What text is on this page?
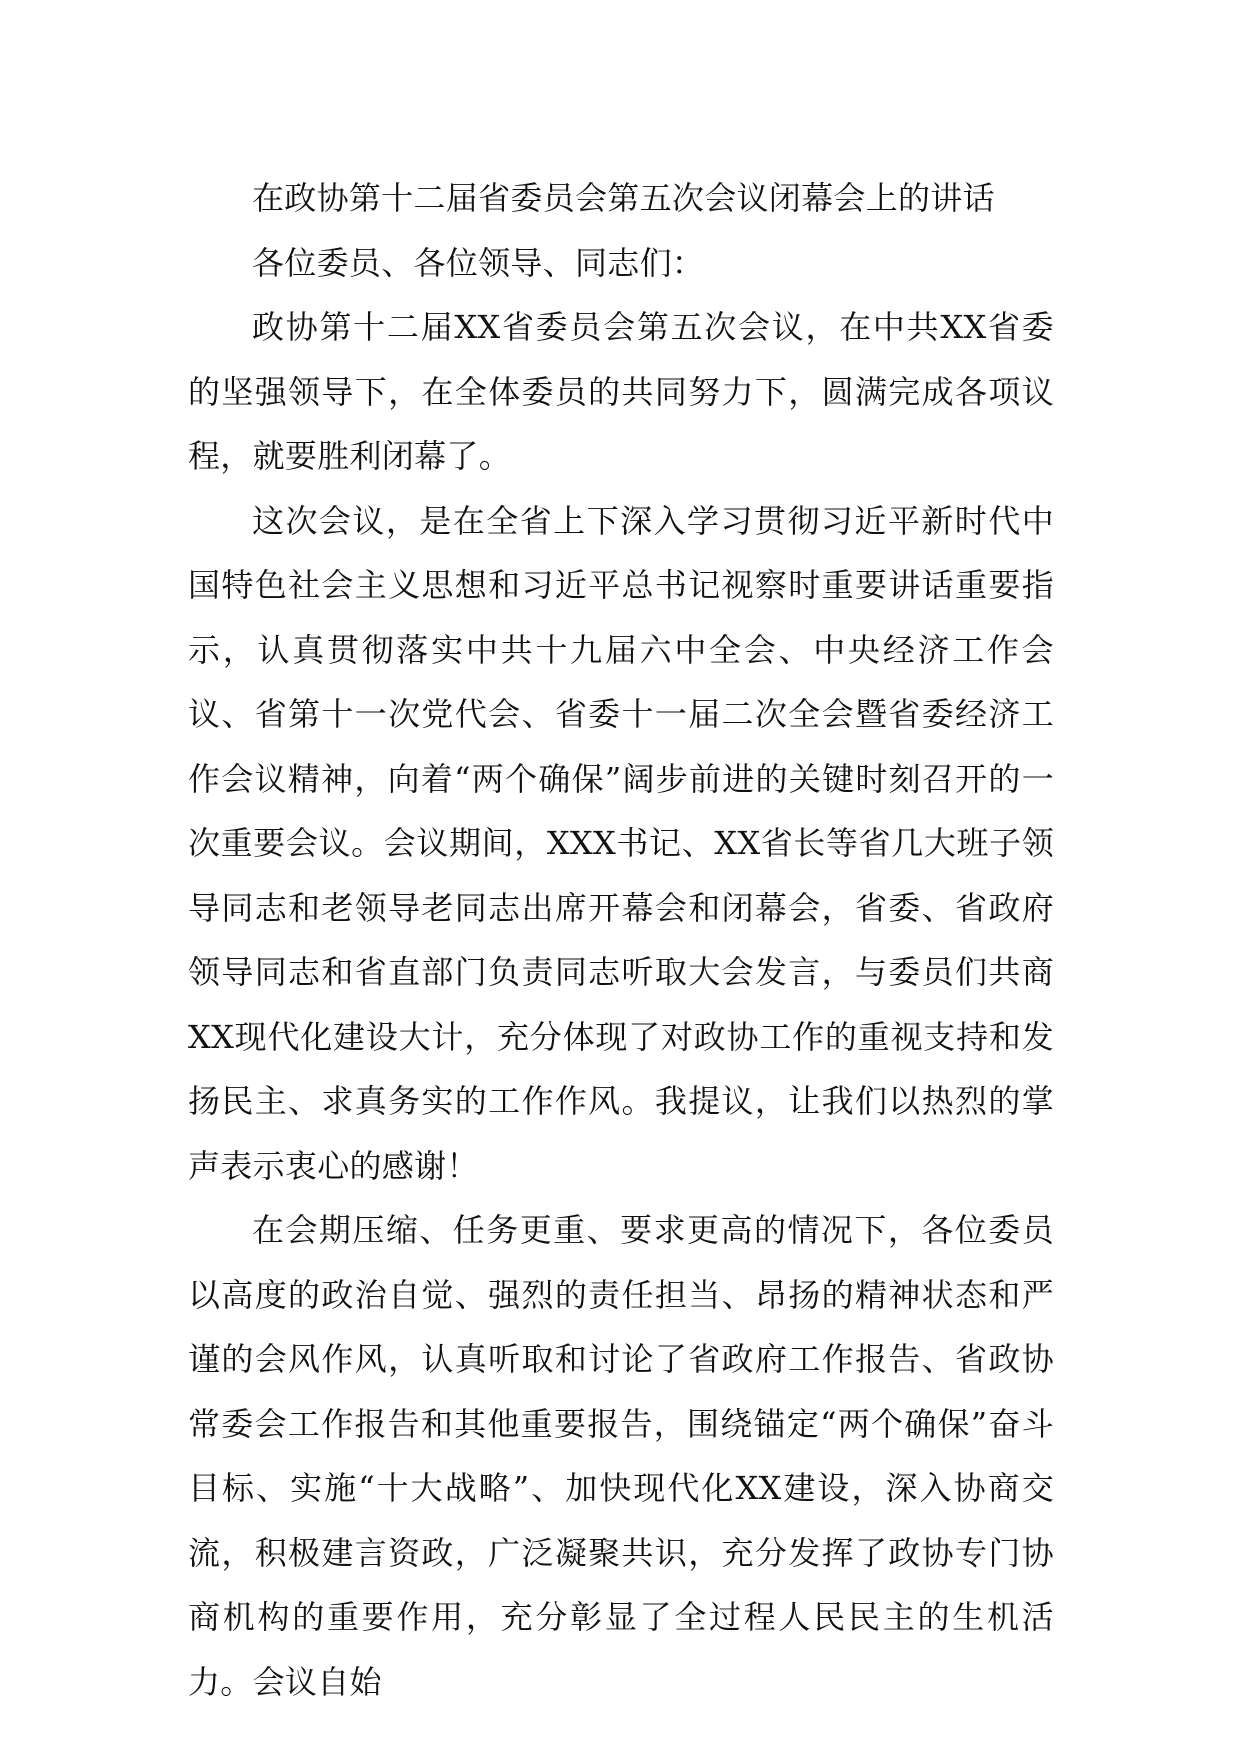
在政协第十二届省委员会第五次会议闭幕会上的讲话

各位委员、各位领导、同志们：

政协第十二届XX省委员会第五次会议，在中共XX省委的坚强领导下，在全体委员的共同努力下，圆满完成各项议程，就要胜利闭幕了。

这次会议，是在全省上下深入学习贯彻习近平新时代中国特色社会主义思想和习近平总书记视察时重要讲话重要指示，认真贯彻落实中共十九届六中全会、中央经济工作会议、省第十一次党代会、省委十一届二次全会暨省委经济工作会议精神，向着“两个确保”阔步前进的关键时刻召开的一次重要会议。会议期间，XXX书记、XX省长等省几大班子领导同志和老领导老同志出席开幕会和闭幕会，省委、省政府领导同志和省直部门负责同志听取大会发言，与委员们共商XX现代化建设大计，充分体现了对政协工作的重视支持和发扬民主、求真务实的工作作风。我提议，让我们以热烈的掌声表示衷心的感谢！

在会期压缩、任务更重、要求更高的情况下，各位委员以高度的政治自觉、强烈的责任担当、昂扬的精神状态和严谨的会风作风，认真听取和讨论了省政府工作报告、省政协常委会工作报告和其他重要报告，围绕锚定“两个确保”奋斗目标、实施“十大战略”、加快现代化XX建设，深入协商交流，积极建言资政，广泛凝聚共识，充分发挥了政协专门协商机构的重要作用，充分彰显了全过程人民民主的生机活力。会议自始
